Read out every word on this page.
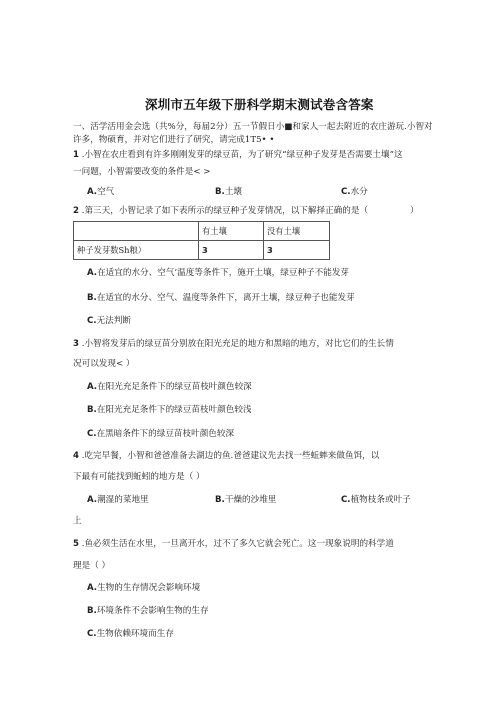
深圳市五年级下册科学期末测试卷含答案
一、活学活用金会选（共%分，每届2分）五一节假日小■和家人一起去附近的农庄游玩.小智对
许多，物硕育，并对它们进行了研究，请完成1T5• •
1 .小智在农庄看到有许多刚刚发芽的绿豆苗，为了研究“绿豆种子发芽是否需要土壤”这
一问题，小智需要改变的条件是< >
A.空气	B.土壊	C.水分
2 .第三天，小智记录了如下表所示的绿豆种子发芽情况，以下解择正确的是（	）
	有土壤	没有土壤
种子发芽数Sh粮）	3	3
A.在适宜的水分、空气’温度等条件下，施开土壤，绿豆种子不能发芽
B.在适宜的水分、空气、温度等条件下，离开土壤，绿豆种子也能发芽
C.无法判断
3 .小智将发芽后的绿豆苗分别放在阳光充足的地方和黑暗的地方，对比它们的生长情
况可以发现< ）
A.在阳光充足条件下的绿豆苗枝叶颜色较深
B.在阳光充足条件下的绿豆苗枝叶颜色较浅
C.在黑暗条件下的绿豆苗枝叶颜色较深
4 .吃完早餐，小智和爸爸准备去湖边的鱼.爸爸建议先去找一些蚯蟀来做鱼饵，以
下最有可能找到蚯蚓的地方是（ ）
A.潮湿的菜地里	B.干燥的沙堆里	C.植物枝条或叶子
上
5 .鱼必须生活在水里，一旦离开水，过不了多久它就会死亡。这一现象说明的科学道
理是（ ）
A.生物的生存情况会影响环境
B.环境条件不会影响生物的生存
C.生物依赖环境而生存
